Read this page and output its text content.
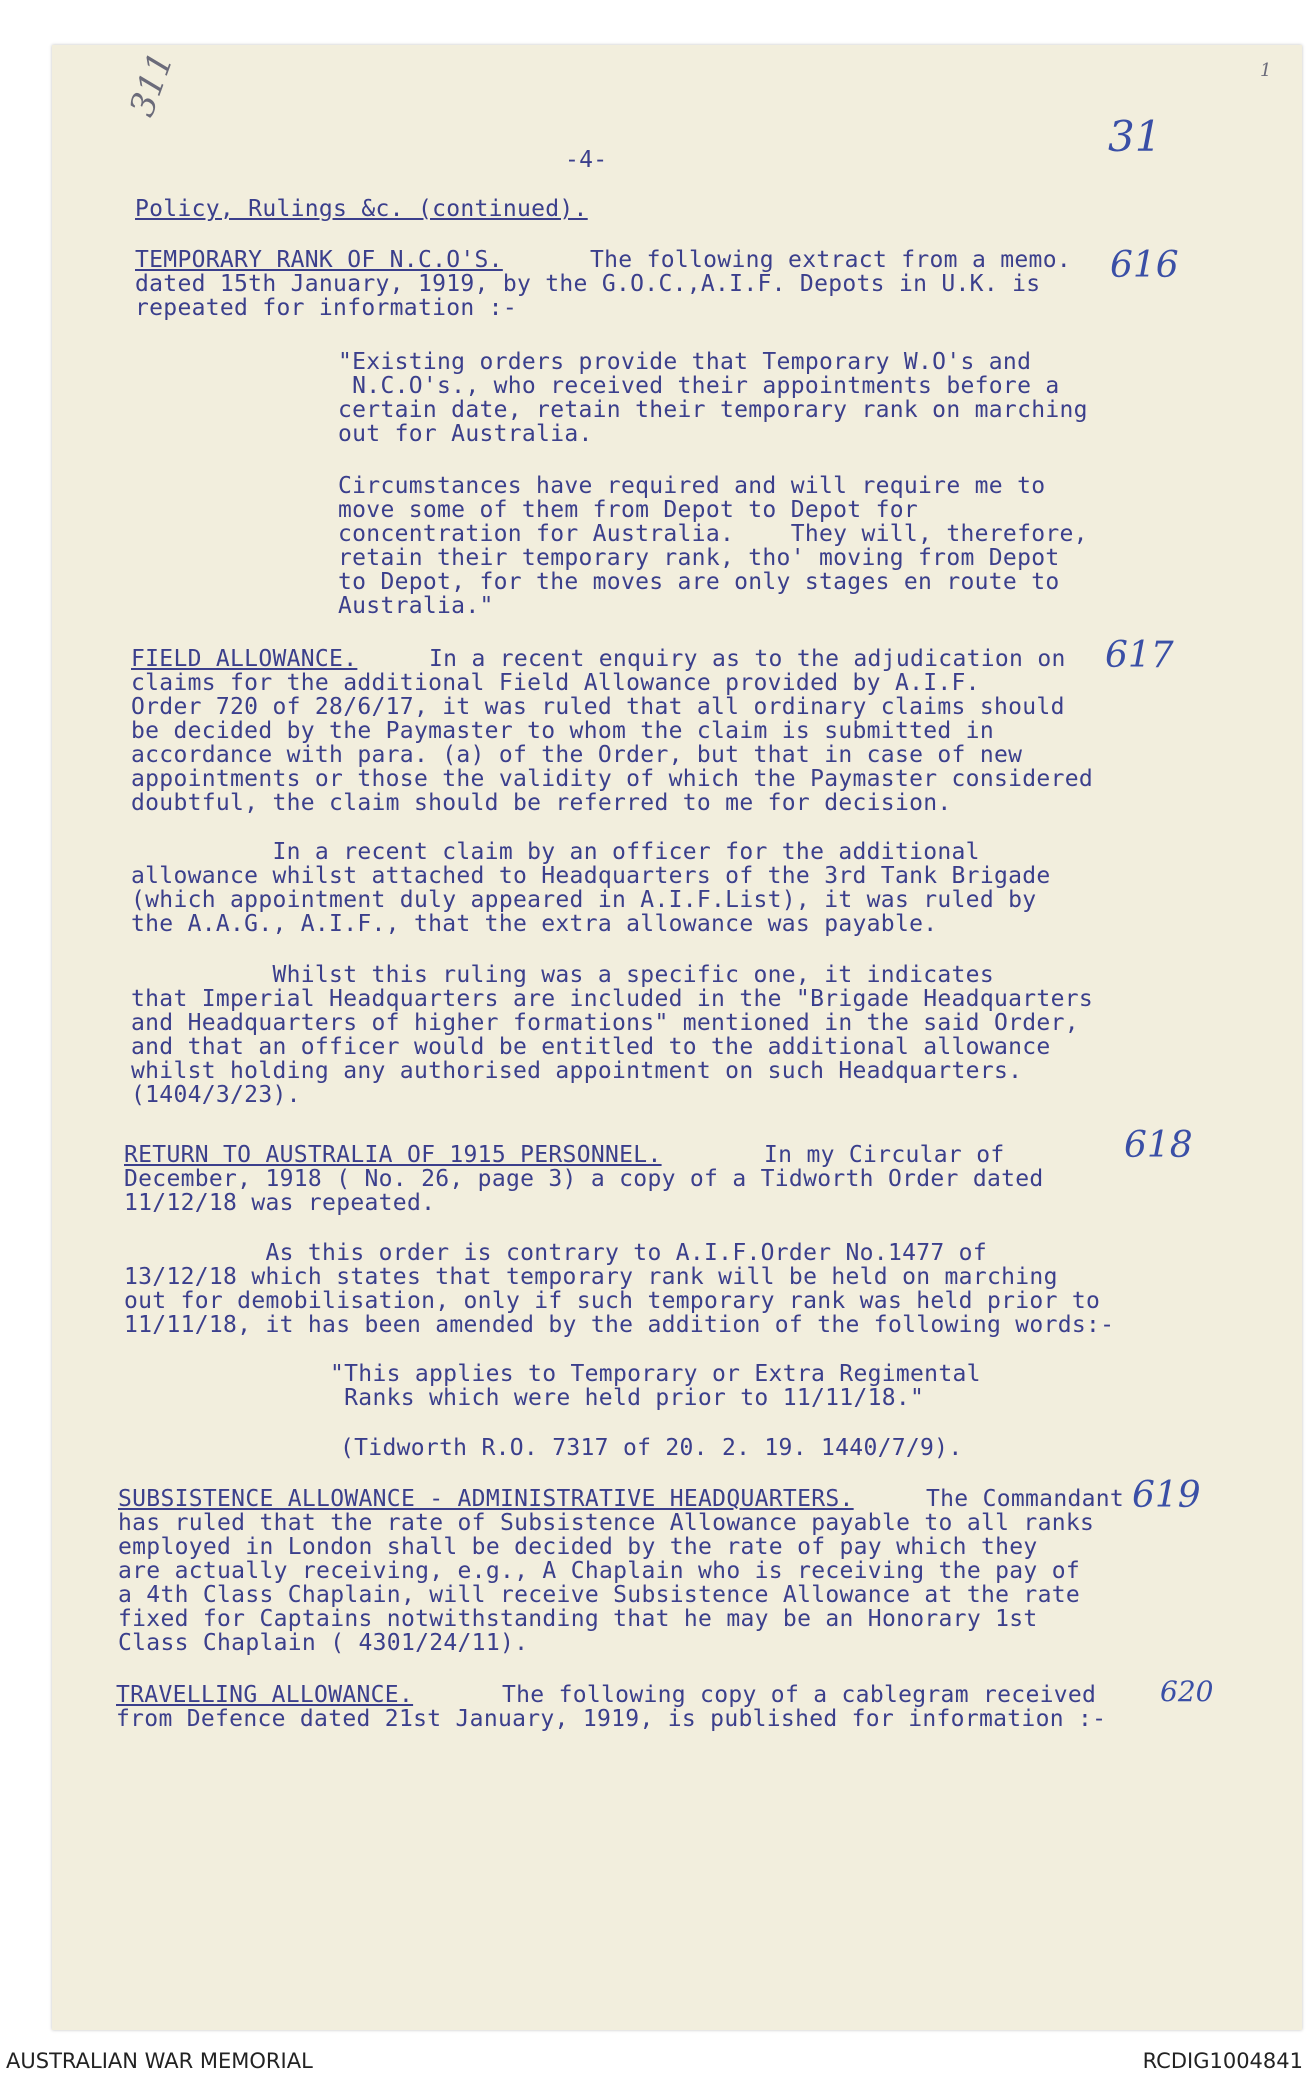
1
311
31

-4-

Policy, Rulings &c. (continued).

TEMPORARY RANK OF N.C.O'S.	The following extract from a memo.
dated 15th January, 1919, by the G.O.C.,A.I.F. Depots in U.K. is
repeated for information :-

616

"Existing orders provide that Temporary W.O's and
N.C.O's., who received their appointments before a
certain date, retain their temporary rank on marching
out for Australia.

Circumstances have required and will require me to
move some of them from Depot to Depot for
concentration for Australia.    They will, therefore,
retain their temporary rank, tho' moving from Depot
to Depot, for the moves are only stages en route to
Australia."

FIELD ALLOWANCE.	In a recent enquiry as to the adjudication on
claims for the additional Field Allowance provided by A.I.F.
Order 720 of 28/6/17, it was ruled that all ordinary claims should
be decided by the Paymaster to whom the claim is submitted in
accordance with para. (a) of the Order, but that in case of new
appointments or those the validity of which the Paymaster considered
doubtful, the claim should be referred to me for decision.

617

In a recent claim by an officer for the additional
allowance whilst attached to Headquarters of the 3rd Tank Brigade
(which appointment duly appeared in A.I.F.List), it was ruled by
the A.A.G., A.I.F., that the extra allowance was payable.

Whilst this ruling was a specific one, it indicates
that Imperial Headquarters are included in the "Brigade Headquarters
and Headquarters of higher formations" mentioned in the said Order,
and that an officer would be entitled to the additional allowance
whilst holding any authorised appointment on such Headquarters.
(1404/3/23).

RETURN TO AUSTRALIA OF 1915 PERSONNEL.	In my Circular of
December, 1918 ( No. 26, page 3) a copy of a Tidworth Order dated
11/12/18 was repeated.

618

As this order is contrary to A.I.F.Order No.1477 of
13/12/18 which states that temporary rank will be held on marching
out for demobilisation, only if such temporary rank was held prior to
11/11/18, it has been amended by the addition of the following words:-

"This applies to Temporary or Extra Regimental
Ranks which were held prior to 11/11/18."

(Tidworth R.O. 7317 of 20. 2. 19. 1440/7/9).

SUBSISTENCE ALLOWANCE - ADMINISTRATIVE HEADQUARTERS.	The Commandant
has ruled that the rate of Subsistence Allowance payable to all ranks
employed in London shall be decided by the rate of pay which they
are actually receiving, e.g., A Chaplain who is receiving the pay of
a 4th Class Chaplain, will receive Subsistence Allowance at the rate
fixed for Captains notwithstanding that he may be an Honorary 1st
Class Chaplain ( 4301/24/11).

619

TRAVELLING ALLOWANCE.	The following copy of a cablegram received
from Defence dated 21st January, 1919, is published for information :-

620
AUSTRALIAN WAR MEMORIAL	RCDIG1004841
